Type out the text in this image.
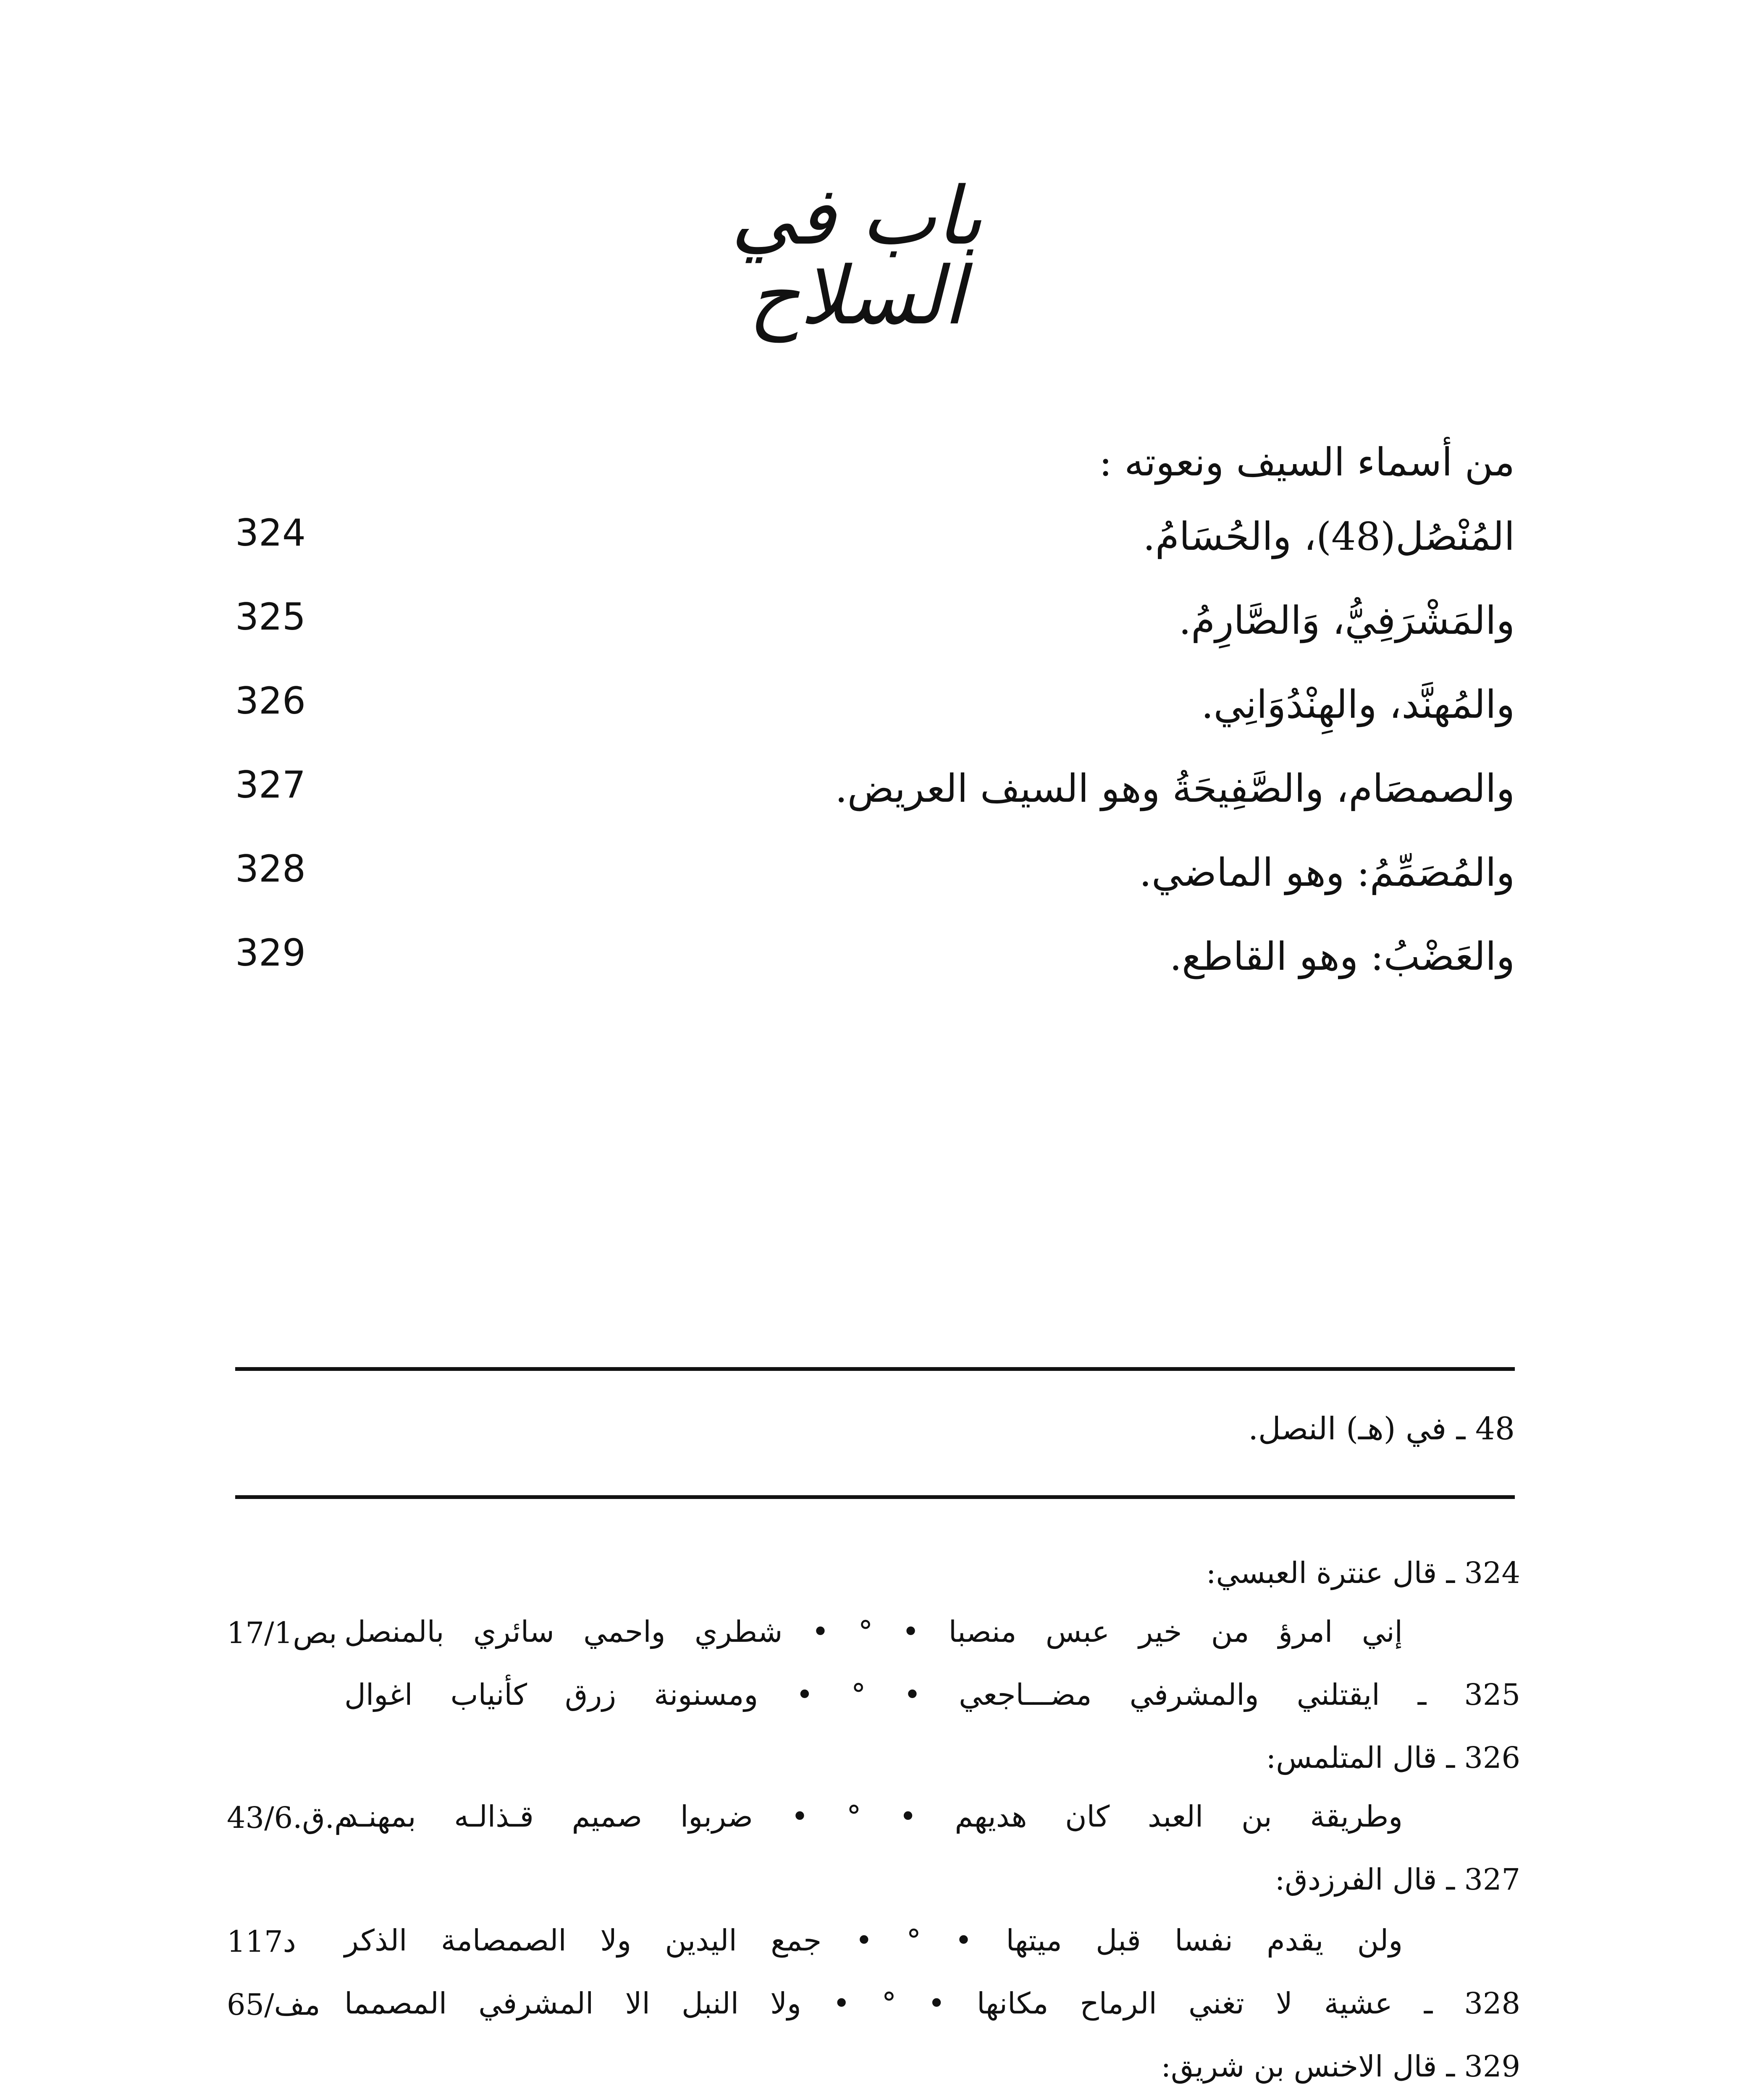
باب في السلاح
من أسماء السيف ونعوته :
324	المُنْصُل(48)، والحُسَامُ.
325	والمَشْرَفِيُّ، وَالصَّارِمُ.
326	والمُهنَّد، والهِنْدُوَانِي.
327	والصمصَام، والصَّفِيحَةُ وهو السيف العريض.
328	والمُصَمِّمُ: وهو الماضي.
329	والعَضْبُ: وهو القاطع.
48 ـ في (هـ) النصل.
324 ـ قال عنترة العبسي:
إني امرؤ من خير عبس منصبا • ° • شطري واحمي سائري بالمنصل
بص17/1
325 ـ ايقتلني والمشرفي مضـــاجعي • ° • ومسنونة زرق كأنياب اغوال
326 ـ قال المتلمس:
وطريقة بن العبد كان هديهم • ° • ضربوا صميم قـذالـه بمهنـد
م.ق.43/6
327 ـ قال الفرزدق:
ولن يقدم نفسا قبل ميتها • ° • جمع اليدين ولا الصمصامة الذكر
د117
328 ـ عشية لا تغني الرماح مكانها • ° • ولا النبل الا المشرفي المصمما
مف/65
329 ـ قال الاخنس بن شريق:
